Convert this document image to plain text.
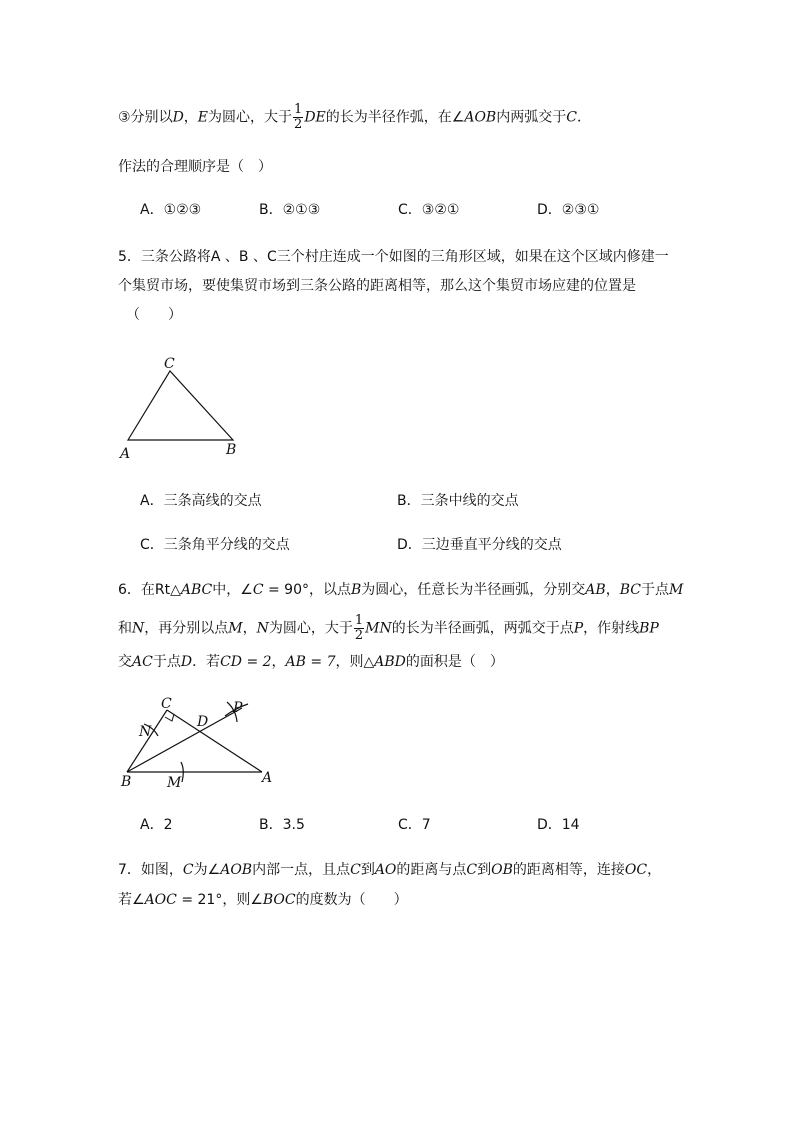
③分别以D，E为圆心，大于 $\frac{1}{2}$ DE的长为半径作弧，在∠AOB内两弧交于C．
作法的合理顺序是（　）
A．①②③	B．②①③	C．③②①	D．②③①
5．三条公路将A 、B 、C三个村庄连成一个如图的三角形区域，如果在这个区域内修建一
个集贸市场，要使集贸市场到三条公路的距离相等，那么这个集贸市场应建的位置是
（　　）
C
A	B
A．三条高线的交点	B．三条中线的交点
C．三条角平分线的交点	D．三边垂直平分线的交点
6．在Rt△ABC中，∠C = 90°，以点B为圆心，任意长为半径画弧，分别交AB，BC于点M
和N，再分别以点M，N为圆心，大于 $\frac{1}{2}$ MN的长为半径画弧，两弧交于点P，作射线BP
交AC于点D．若CD = 2，AB = 7，则△ABD的面积是（　）
C
N
D
P
B	M	A
A．2	B．3.5	C．7	D．14
7．如图，C为∠AOB内部一点，且点C到AO的距离与点C到OB的距离相等，连接OC，
若∠AOC = 21°，则∠BOC的度数为（　　）
